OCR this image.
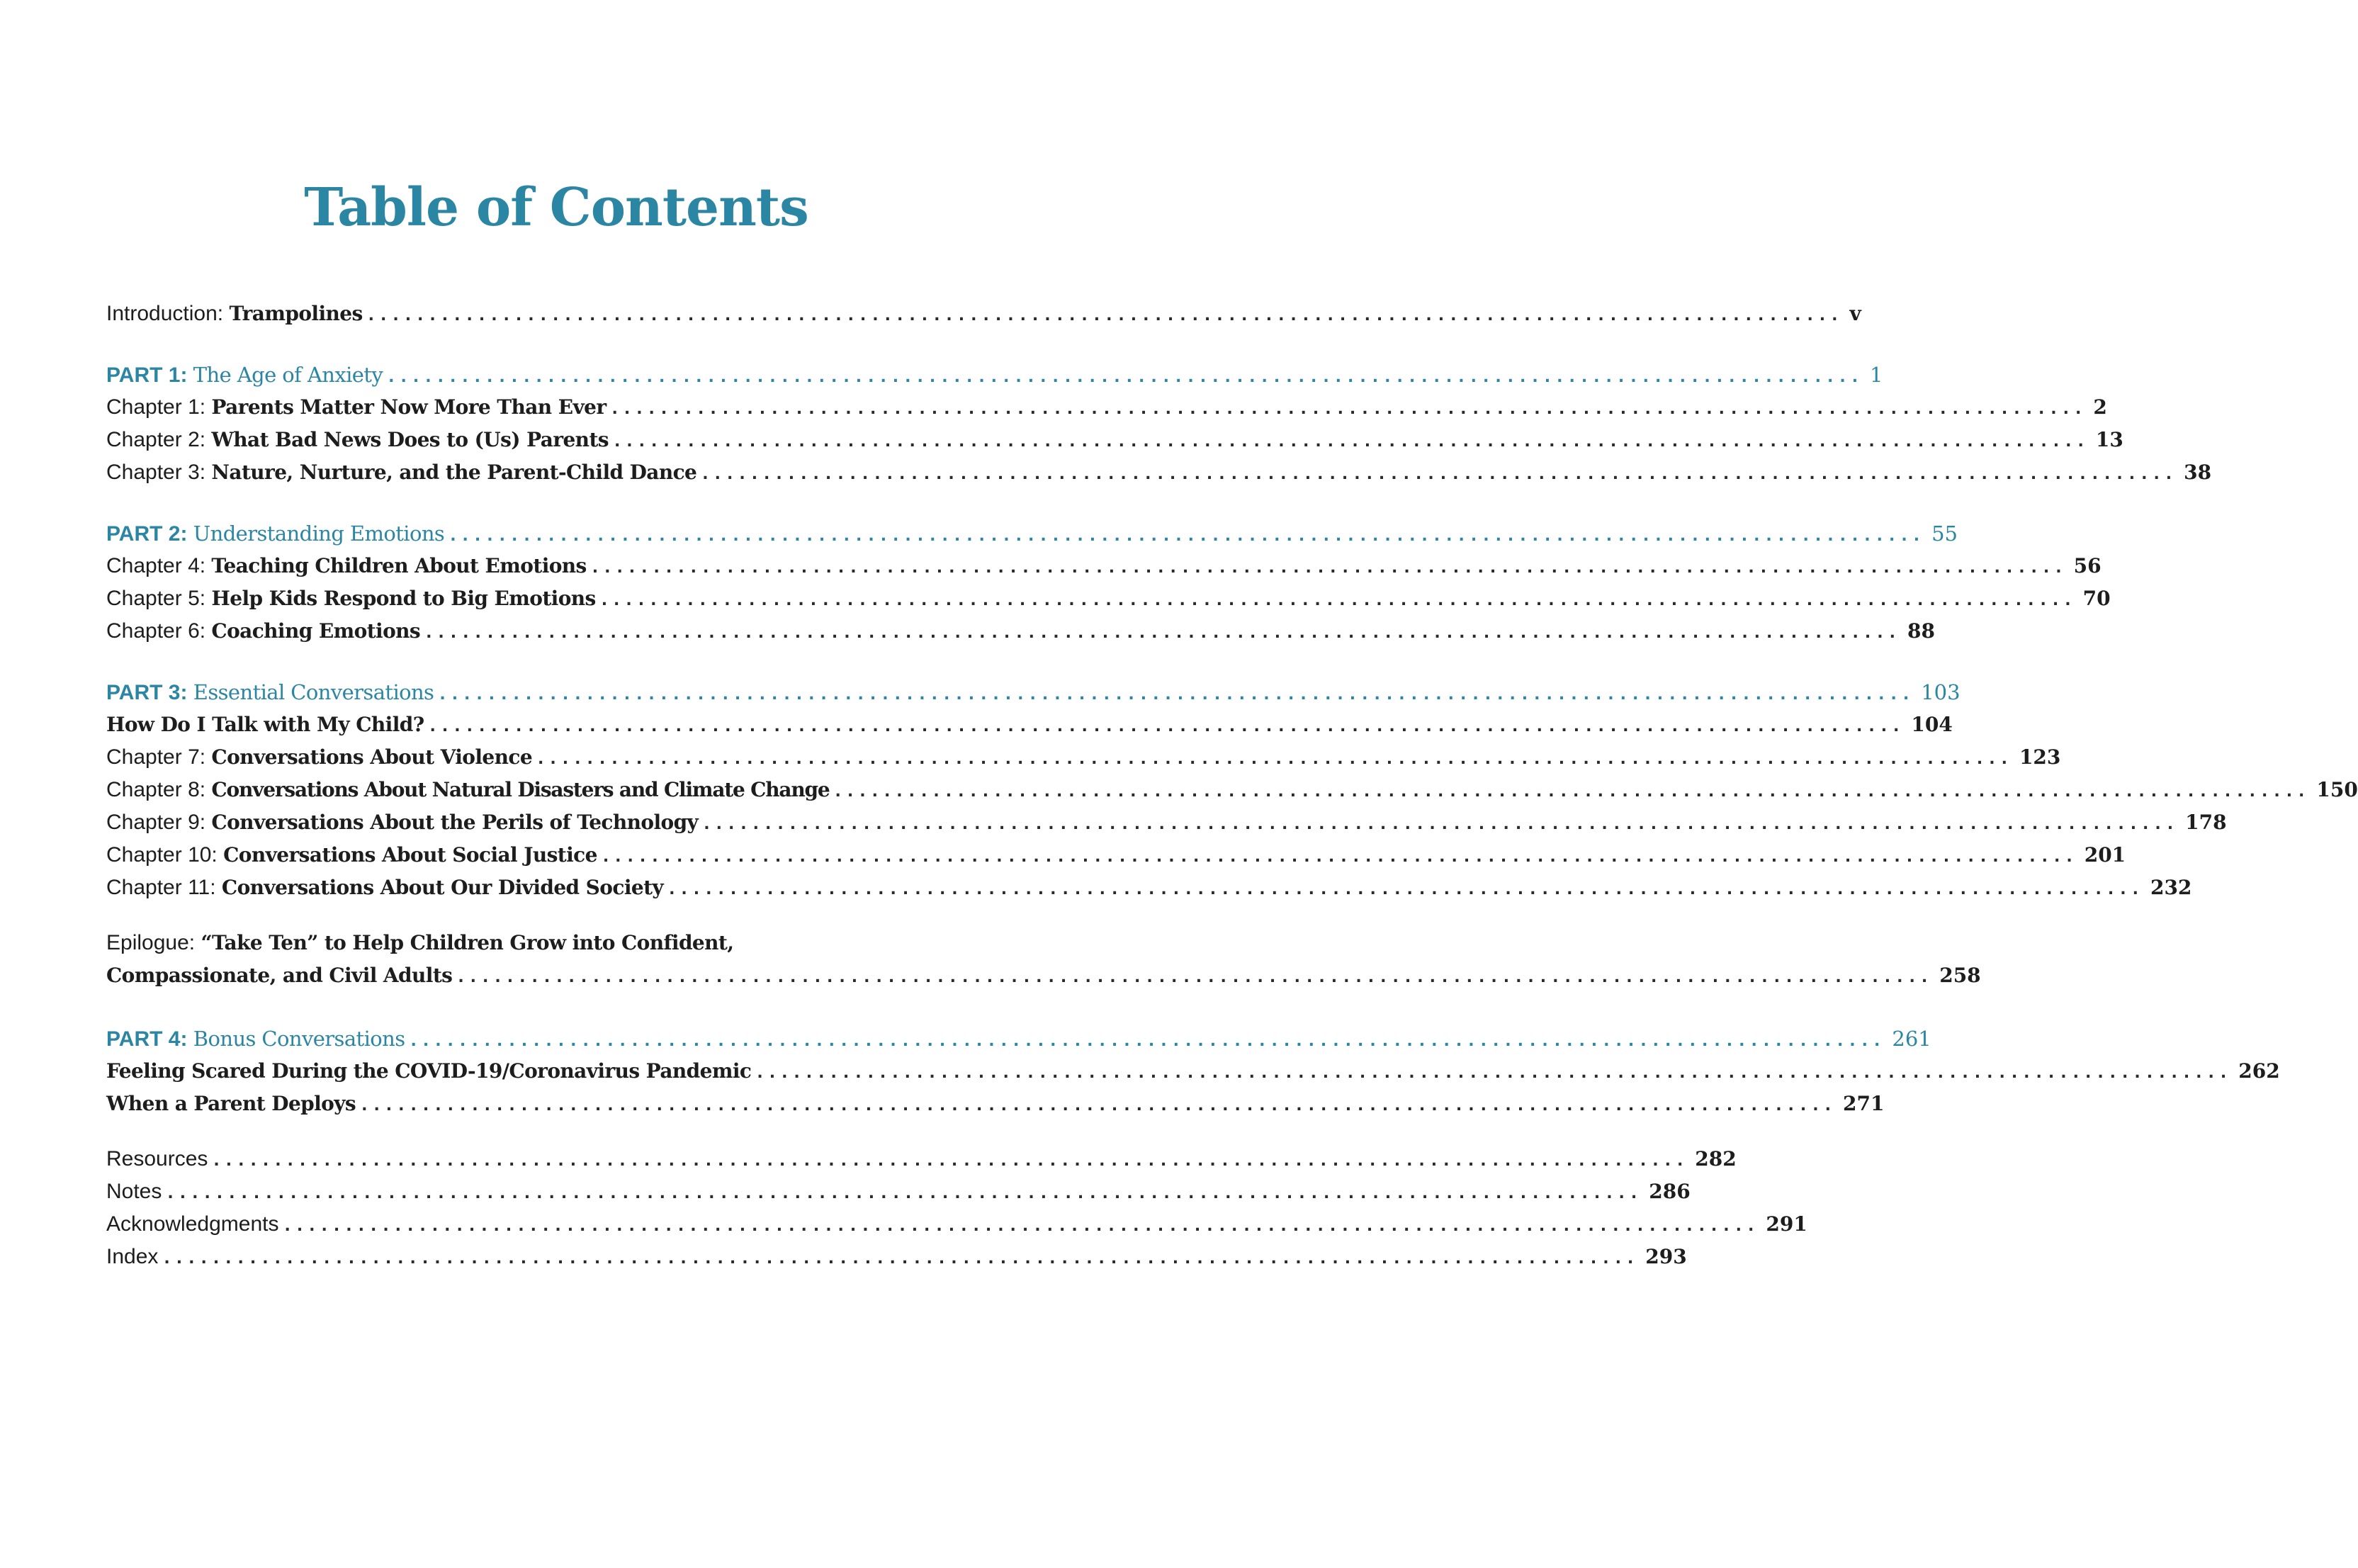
Table of Contents
Introduction: Trampolines ........................................................................................................................ v
PART 1: The Age of Anxiety ........................................................................................................................ 1
Chapter 1: Parents Matter Now More Than Ever ........................................................................................................................ 2
Chapter 2: What Bad News Does to (Us) Parents ........................................................................................................................ 13
Chapter 3: Nature, Nurture, and the Parent-Child Dance ........................................................................................................................ 38
PART 2: Understanding Emotions ........................................................................................................................ 55
Chapter 4: Teaching Children About Emotions ........................................................................................................................ 56
Chapter 5: Help Kids Respond to Big Emotions ........................................................................................................................ 70
Chapter 6: Coaching Emotions ........................................................................................................................ 88
PART 3: Essential Conversations ........................................................................................................................ 103
How Do I Talk with My Child? ........................................................................................................................ 104
Chapter 7: Conversations About Violence ........................................................................................................................ 123
Chapter 8: Conversations About Natural Disasters and Climate Change ........................................................................................................................ 150
Chapter 9: Conversations About the Perils of Technology ........................................................................................................................ 178
Chapter 10: Conversations About Social Justice ........................................................................................................................ 201
Chapter 11: Conversations About Our Divided Society ........................................................................................................................ 232
Epilogue: “Take Ten” to Help Children Grow into Confident,
Compassionate, and Civil Adults ........................................................................................................................ 258
PART 4: Bonus Conversations ........................................................................................................................ 261
Feeling Scared During the COVID-19/Coronavirus Pandemic ........................................................................................................................ 262
When a Parent Deploys ........................................................................................................................ 271
Resources ........................................................................................................................ 282
Notes ........................................................................................................................ 286
Acknowledgments ........................................................................................................................ 291
Index ........................................................................................................................ 293
